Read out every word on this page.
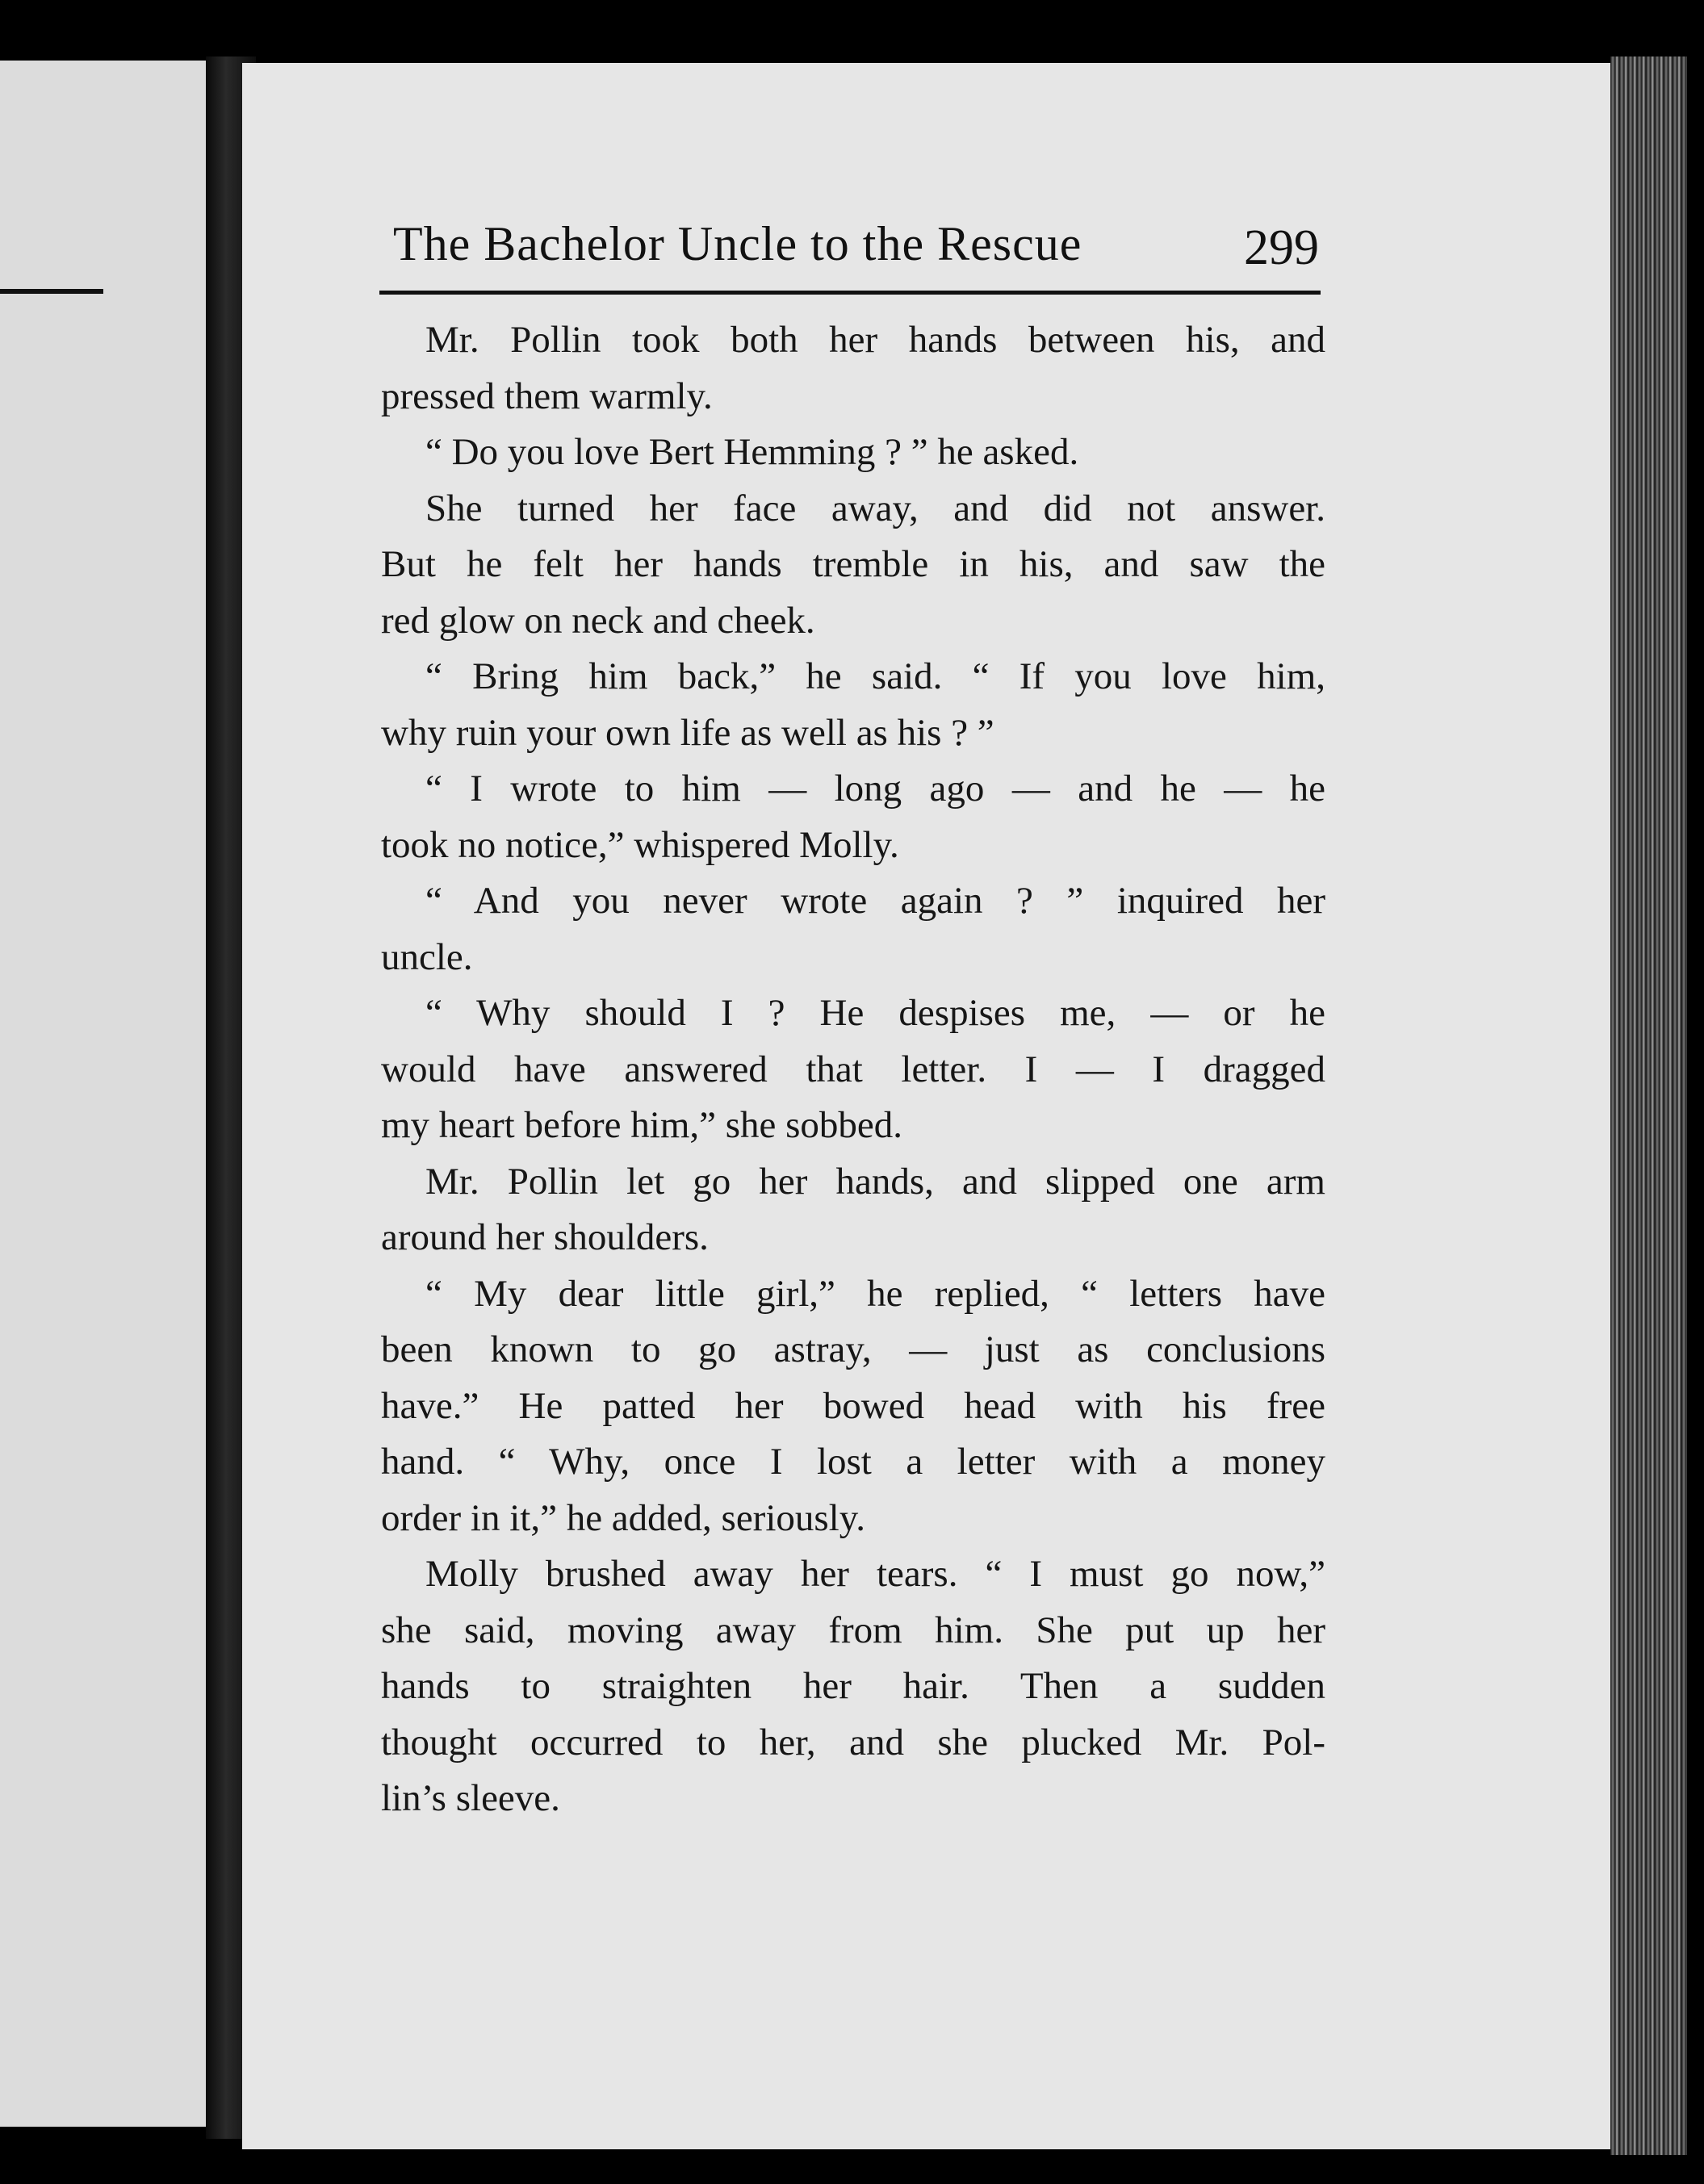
The Bachelor Uncle to the Rescue	299
Mr. Pollin took both her hands between his, and
pressed them warmly.
“ Do you love Bert Hemming ? ” he asked.
She turned her face away, and did not answer.
But he felt her hands tremble in his, and saw the
red glow on neck and cheek.
“ Bring him back,” he said. “ If you love him,
why ruin your own life as well as his ? ”
“ I wrote to him — long ago — and he — he
took no notice,” whispered Molly.
“ And you never wrote again ? ” inquired her
uncle.
“ Why should I ? He despises me, — or he
would have answered that letter. I — I dragged
my heart before him,” she sobbed.
Mr. Pollin let go her hands, and slipped one arm
around her shoulders.
“ My dear little girl,” he replied, “ letters have
been known to go astray, — just as conclusions
have.” He patted her bowed head with his free
hand. “ Why, once I lost a letter with a money
order in it,” he added, seriously.
Molly brushed away her tears. “ I must go now,”
she said, moving away from him. She put up her
hands to straighten her hair. Then a sudden
thought occurred to her, and she plucked Mr. Pol-
lin’s sleeve.
